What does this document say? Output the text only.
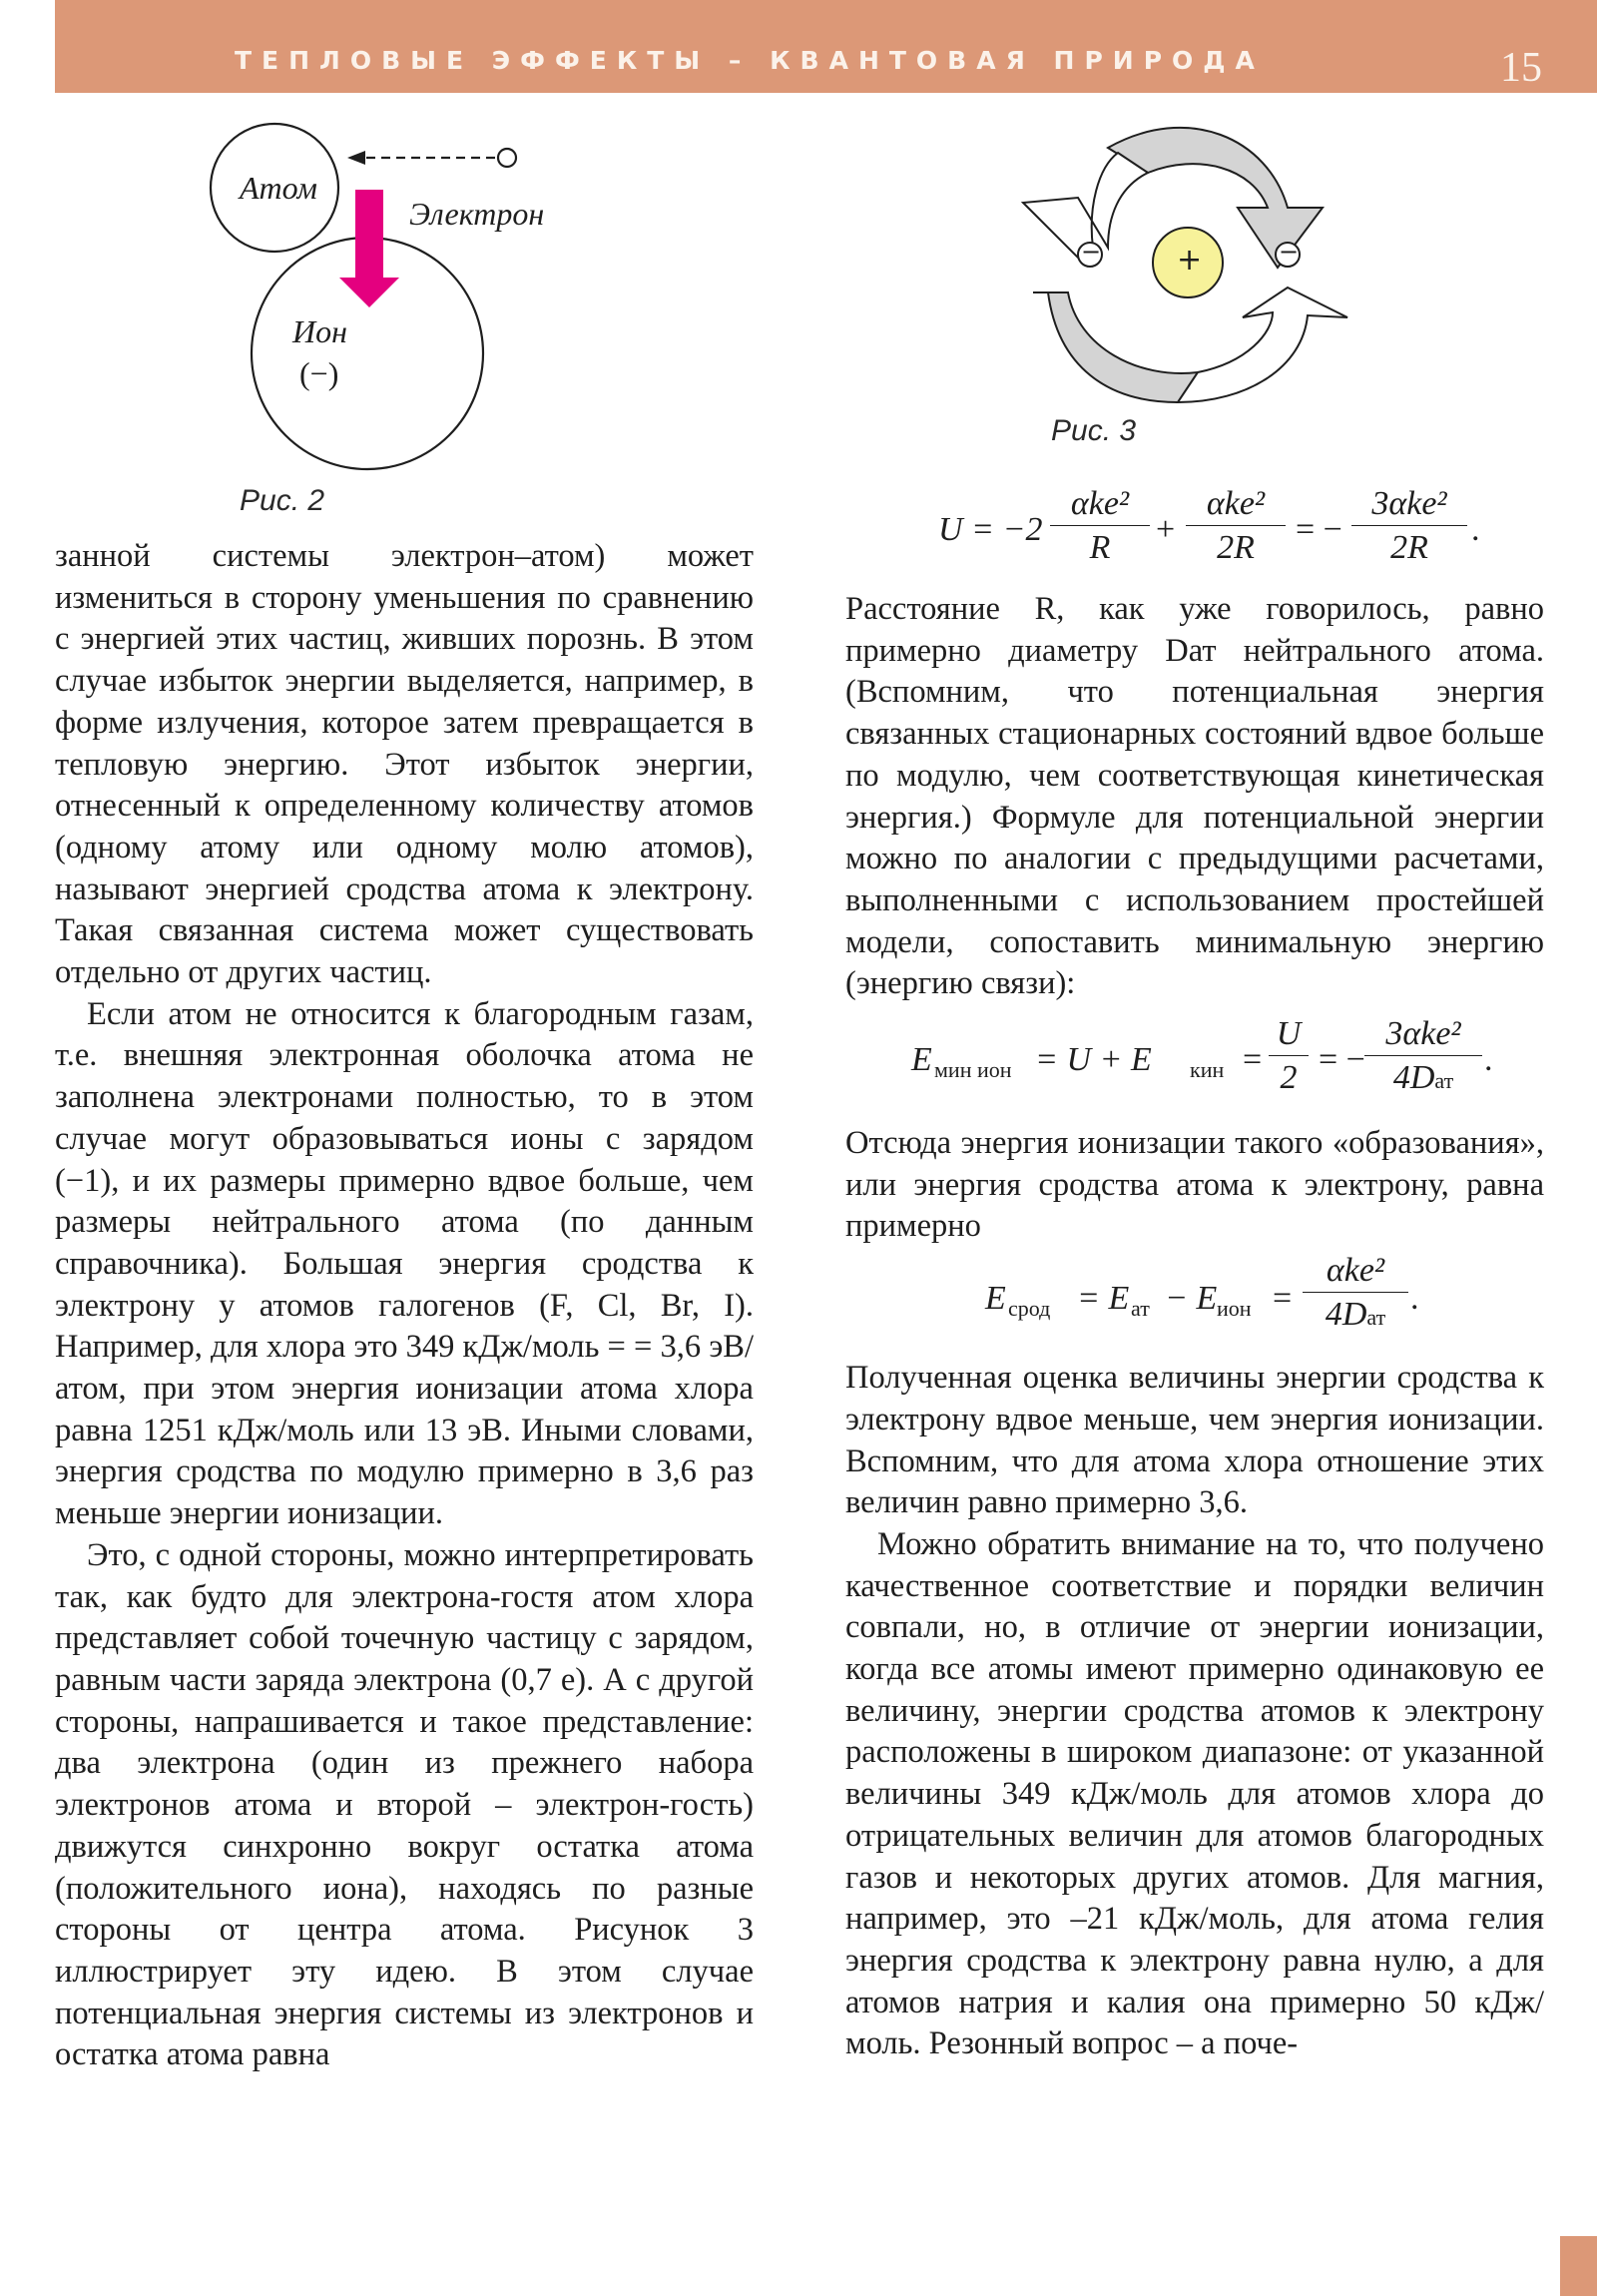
ТЕПЛОВЫЕ ЭФФЕКТЫ – КВАНТОВАЯ ПРИРОДА	15
Атом
Электрон
Ион
(−)
Рис. 2
+
−	−
Рис. 3
U = −2
αke²
R	+
αke²
2R	= −
3αke²
2R	.

занной системы электрон–атом) может измениться в сторону уменьшения по сравнению с энергией этих частиц, живших порознь. В этом случае избыток энергии выделяется, например, в форме излучения, которое затем превращается в тепловую энергию. Этот избыток энергии, отнесенный к определенному количеству атомов (одному атому или одному молю атомов), называют энергией сродства атома к электрону. Такая связанная система может существовать отдельно от других частиц.

Если атом не относится к благородным газам, т.е. внешняя электронная оболочка атома не заполнена электронами полностью, то в этом случае могут образовываться ионы с зарядом (−1), и их размеры примерно вдвое больше, чем размеры нейтрального атома (по данным справочника). Большая энергия сродства к электрону у атомов галогенов (F, Cl, Br, I). Например, для хлора это 349 кДж/моль = = 3,6 эВ/атом, при этом энергия ионизации атома хлора равна 1251 кДж/моль или 13 эВ. Иными словами, энергия сродства по модулю примерно в 3,6 раз меньше энергии ионизации.

Это, с одной стороны, можно интерпретировать так, как будто для электрона-гостя атом хлора представляет собой точечную частицу с зарядом, равным части заряда электрона (0,7 e). А с другой стороны, напрашивается и такое представление: два электрона (один из прежнего набора электронов атома и второй – электрон-гость) движутся синхронно вокруг остатка атома (положительного иона), находясь по разные стороны от центра атома. Рисунок 3 иллюстрирует эту идею. В этом случае потенциальная энергия системы из электронов и остатка атома равна

Расстояние R, как уже говорилось, равно примерно диаметру Dат нейтрального атома. (Вспомним, что потенциальная энергия связанных стационарных состояний вдвое больше по модулю, чем соответствующая кинетическая энергия.) Формуле для потенциальной энергии можно по аналогии с предыдущими расчетами, выполненными с использованием простейшей модели, сопоставить минимальную энергию (энергию связи):

E мин ион = U + E кин = $\frac{U}{2}$ = −
3αke²
4Dат
.

Отсюда энергия ионизации такого «образования», или энергия сродства атома к электрону, равна примерно

E срод = E ат − E ион =
αke²
4Dат
.

Полученная оценка величины энергии сродства к электрону вдвое меньше, чем энергия ионизации. Вспомним, что для атома хлора отношение этих величин равно примерно 3,6.

Можно обратить внимание на то, что получено качественное соответствие и порядки величин совпали, но, в отличие от энергии ионизации, когда все атомы имеют примерно одинаковую ее величину, энергии сродства атомов к электрону расположены в широком диапазоне: от указанной величины 349 кДж/моль для атомов хлора до отрицательных величин для атомов благородных газов и некоторых других атомов. Для магния, например, это –21 кДж/моль, для атома гелия энергия сродства к электрону равна нулю, а для атомов натрия и калия она примерно 50 кДж/моль. Резонный вопрос – а поче-
